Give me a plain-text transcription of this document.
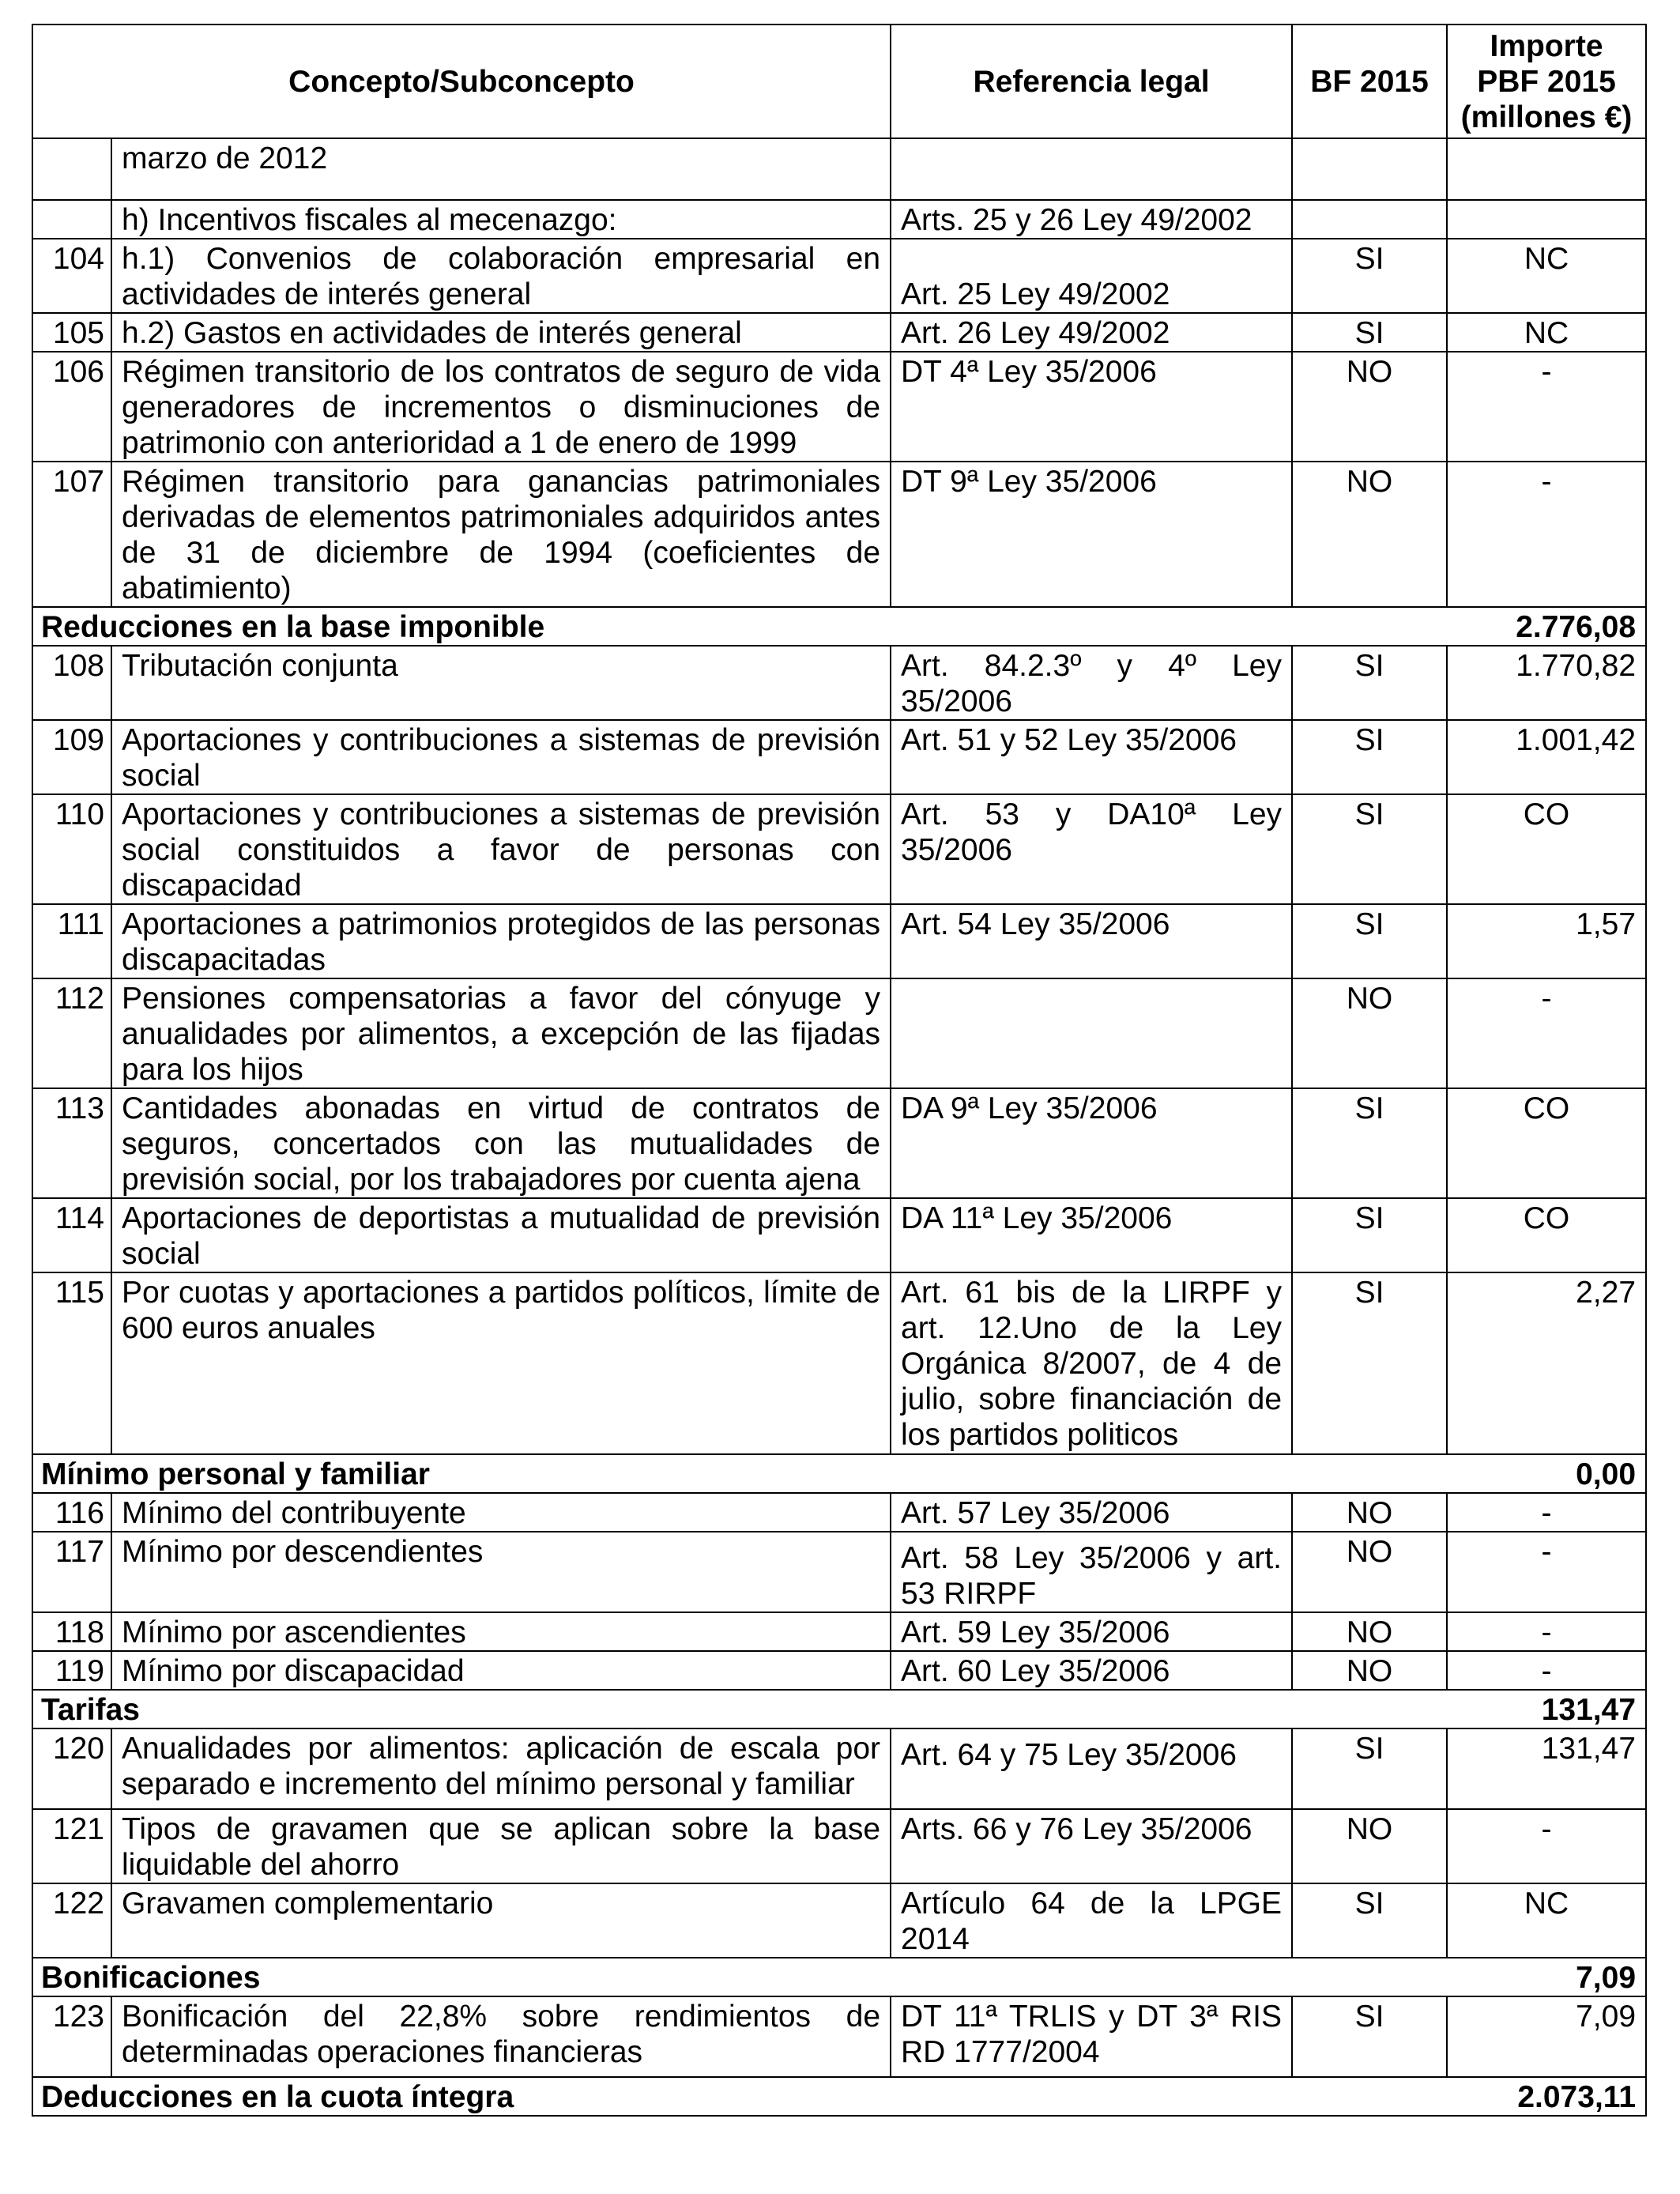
Concepto/Subconcepto		Referencia legal	BF 2015	Importe PBF 2015 (millones €)
	marzo de 2012			
	h) Incentivos fiscales al mecenazgo:	Arts. 25 y 26 Ley 49/2002		
104	h.1) Convenios de colaboración empresarial en actividades de interés general	Art. 25 Ley 49/2002	SI	NC
105	h.2) Gastos en actividades de interés general	Art. 26 Ley 49/2002	SI	NC
106	Régimen transitorio de los contratos de seguro de vida generadores de incrementos o disminuciones de patrimonio con anterioridad a 1 de enero de 1999	DT 4ª Ley 35/2006	NO	-
107	Régimen transitorio para ganancias patrimoniales derivadas de elementos patrimoniales adquiridos antes de 31 de diciembre de 1994 (coeficientes de abatimiento)	DT 9ª Ley 35/2006	NO	-
Reducciones en la base imponible				2.776,08
108	Tributación conjunta	Art. 84.2.3º y 4º Ley 35/2006	SI	1.770,82
109	Aportaciones y contribuciones a sistemas de previsión social	Art. 51 y 52 Ley 35/2006	SI	1.001,42
110	Aportaciones y contribuciones a sistemas de previsión social constituidos a favor de personas con discapacidad	Art. 53 y DA10ª Ley 35/2006	SI	CO
111	Aportaciones a patrimonios protegidos de las personas discapacitadas	Art. 54 Ley 35/2006	SI	1,57
112	Pensiones compensatorias a favor del cónyuge y anualidades por alimentos, a excepción de las fijadas para los hijos		NO	-
113	Cantidades abonadas en virtud de contratos de seguros, concertados con las mutualidades de previsión social, por los trabajadores por cuenta ajena	DA 9ª Ley 35/2006	SI	CO
114	Aportaciones de deportistas a mutualidad de previsión social	DA 11ª Ley 35/2006	SI	CO
115	Por cuotas y aportaciones a partidos políticos, límite de 600 euros anuales	Art. 61 bis de la LIRPF y art. 12.Uno de la Ley Orgánica 8/2007, de 4 de julio, sobre financiación de los partidos politicos	SI	2,27
Mínimo personal y familiar				0,00
116	Mínimo del contribuyente	Art. 57 Ley 35/2006	NO	-
117	Mínimo por descendientes	Art. 58 Ley 35/2006 y art. 53 RIRPF	NO	-
118	Mínimo por ascendientes	Art. 59 Ley 35/2006	NO	-
119	Mínimo por discapacidad	Art. 60 Ley 35/2006	NO	-
Tarifas				131,47
120	Anualidades por alimentos: aplicación de escala por separado e incremento del mínimo personal y familiar	Art. 64 y 75 Ley 35/2006	SI	131,47
121	Tipos de gravamen que se aplican sobre la base liquidable del ahorro	Arts. 66 y 76 Ley 35/2006	NO	-
122	Gravamen complementario	Artículo 64 de la LPGE 2014	SI	NC
Bonificaciones				7,09
123	Bonificación del 22,8% sobre rendimientos de determinadas operaciones financieras	DT 11ª TRLIS y DT 3ª RIS RD 1777/2004	SI	7,09
Deducciones en la cuota íntegra				2.073,11
